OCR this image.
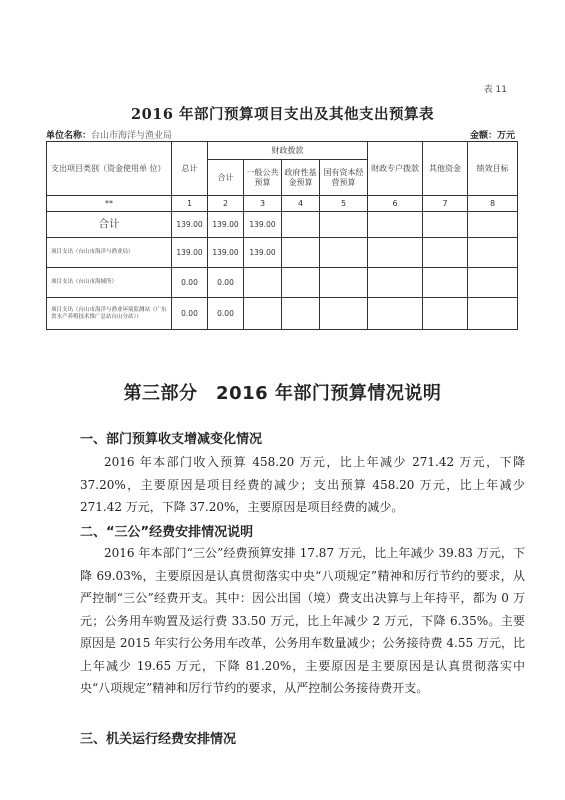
表 11
2016 年部门预算项目支出及其他支出预算表
单位名称：台山市海洋与渔业局	金额：万元
支出项目类别（资金使用单 位）	总计	财政拨款				财政专户拨款	其他资金	绩效目标
		合计	一般公共预算	政府性基金预算	国有资本经营预算			

**	1	2	3	4	5	6	7	8
合计	139.00	139.00	139.00					
项目支出（台山市海洋与渔业局）	139.00	139.00	139.00					
项目支出（台山市海域所）	0.00	0.00						
项目支出（台山市海洋与渔业环境监测站（广东省水产养殖技术推广总站台山分站））	0.00	0.00						
第三部分　2016 年部门预算情况说明
一、部门预算收支增减变化情况

2016 年本部门收入预算 458.20 万元，比上年减少 271.42 万元，下降 37.20%，主要原因是项目经费的减少；支出预算 458.20 万元，比上年减少 271.42 万元，下降 37.20%，主要原因是项目经费的减少。

二、“三公”经费安排情况说明

2016 年本部门“三公”经费预算安排 17.87 万元，比上年减少 39.83 万元，下降 69.03%，主要原因是认真贯彻落实中央“八项规定”精神和厉行节约的要求，从严控制“三公”经费开支。其中：因公出国（境）费支出决算与上年持平，都为 0 万元；公务用车购置及运行费 33.50 万元，比上年减少 2 万元，下降 6.35%。主要原因是 2015 年实行公务用车改革，公务用车数量减少；公务接待费 4.55 万元，比上年减少 19.65 万元，下降 81.20%，主要原因是主要原因是认真贯彻落实中央“八项规定”精神和厉行节约的要求，从严控制公务接待费开支。

三、机关运行经费安排情况
